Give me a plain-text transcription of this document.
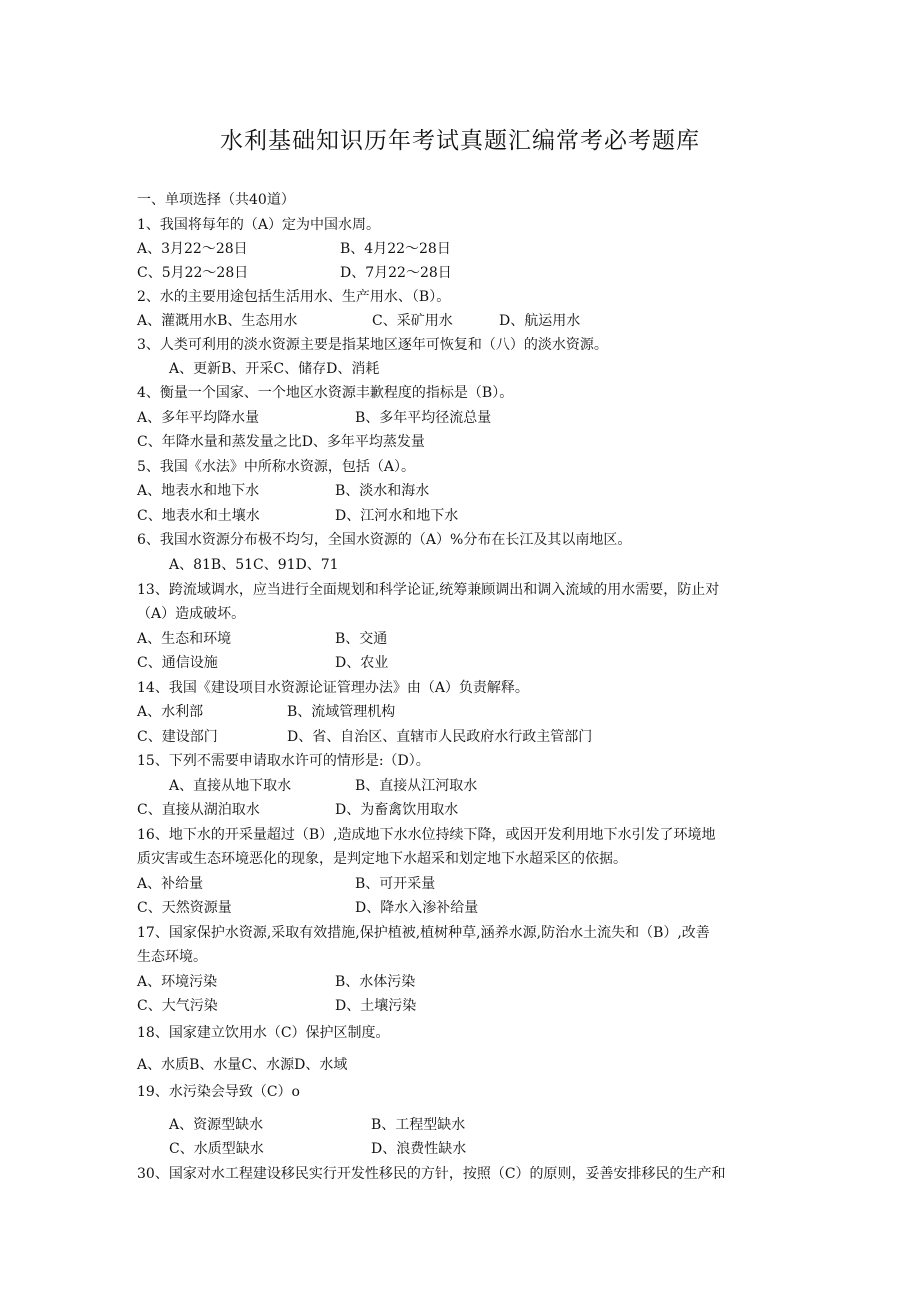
水利基础知识历年考试真题汇编常考必考题库
一、单项选择（共40道）
1、我国将每年的（A）定为中国水周。
A、3月22〜28日	B、4月22〜28日
C、5月22〜28日	D、7月22〜28日
2、水的主要用途包括生活用水、生产用水、（B）。
A、灌溉用水B、生态用水	C、采矿用水	D、航运用水
3、人类可利用的淡水资源主要是指某地区逐年可恢复和（八）的淡水资源。
A、更新B、开采C、储存D、消耗
4、衡量一个国家、一个地区水资源丰歉程度的指标是（B）。
A、多年平均降水量	B、多年平均径流总量
C、年降水量和蒸发量之比D、多年平均蒸发量
5、我国《水法》中所称水资源，包括（A）。
A、地表水和地下水	B、淡水和海水
C、地表水和土壤水	D、江河水和地下水
6、我国水资源分布极不均匀，全国水资源的（A）%分布在长江及其以南地区。
A、81B、51C、91D、71
13、跨流域调水，应当进行全面规划和科学论证,统筹兼顾调出和调入流域的用水需要，防止对
（A）造成破坏。
A、生态和环境	B、交通
C、通信设施	D、农业
14、我国《建设项目水资源论证管理办法》由（A）负责解释。
A、水利部	B、流域管理机构
C、建设部门	D、省、自治区、直辖市人民政府水行政主管部门
15、下列不需要申请取水许可的情形是:（D）。
A、直接从地下取水	B、直接从江河取水
C、直接从湖泊取水	D、为畜禽饮用取水
16、地下水的开采量超过（B）,造成地下水水位持续下降，或因开发利用地下水引发了环境地
质灾害或生态环境恶化的现象，是判定地下水超采和划定地下水超采区的依据。
A、补给量	B、可开采量
C、天然资源量	D、降水入渗补给量
17、国家保护水资源,采取有效措施,保护植被,植树种草,涵养水源,防治水土流失和（B）,改善
生态环境。
A、环境污染	B、水体污染
C、大气污染	D、土壤污染
18、国家建立饮用水（C）保护区制度。
A、水质B、水量C、水源D、水域
19、水污染会导致（C）o
A、资源型缺水	B、工程型缺水
C、水质型缺水	D、浪费性缺水
30、国家对水工程建设移民实行开发性移民的方针，按照（C）的原则，妥善安排移民的生产和
